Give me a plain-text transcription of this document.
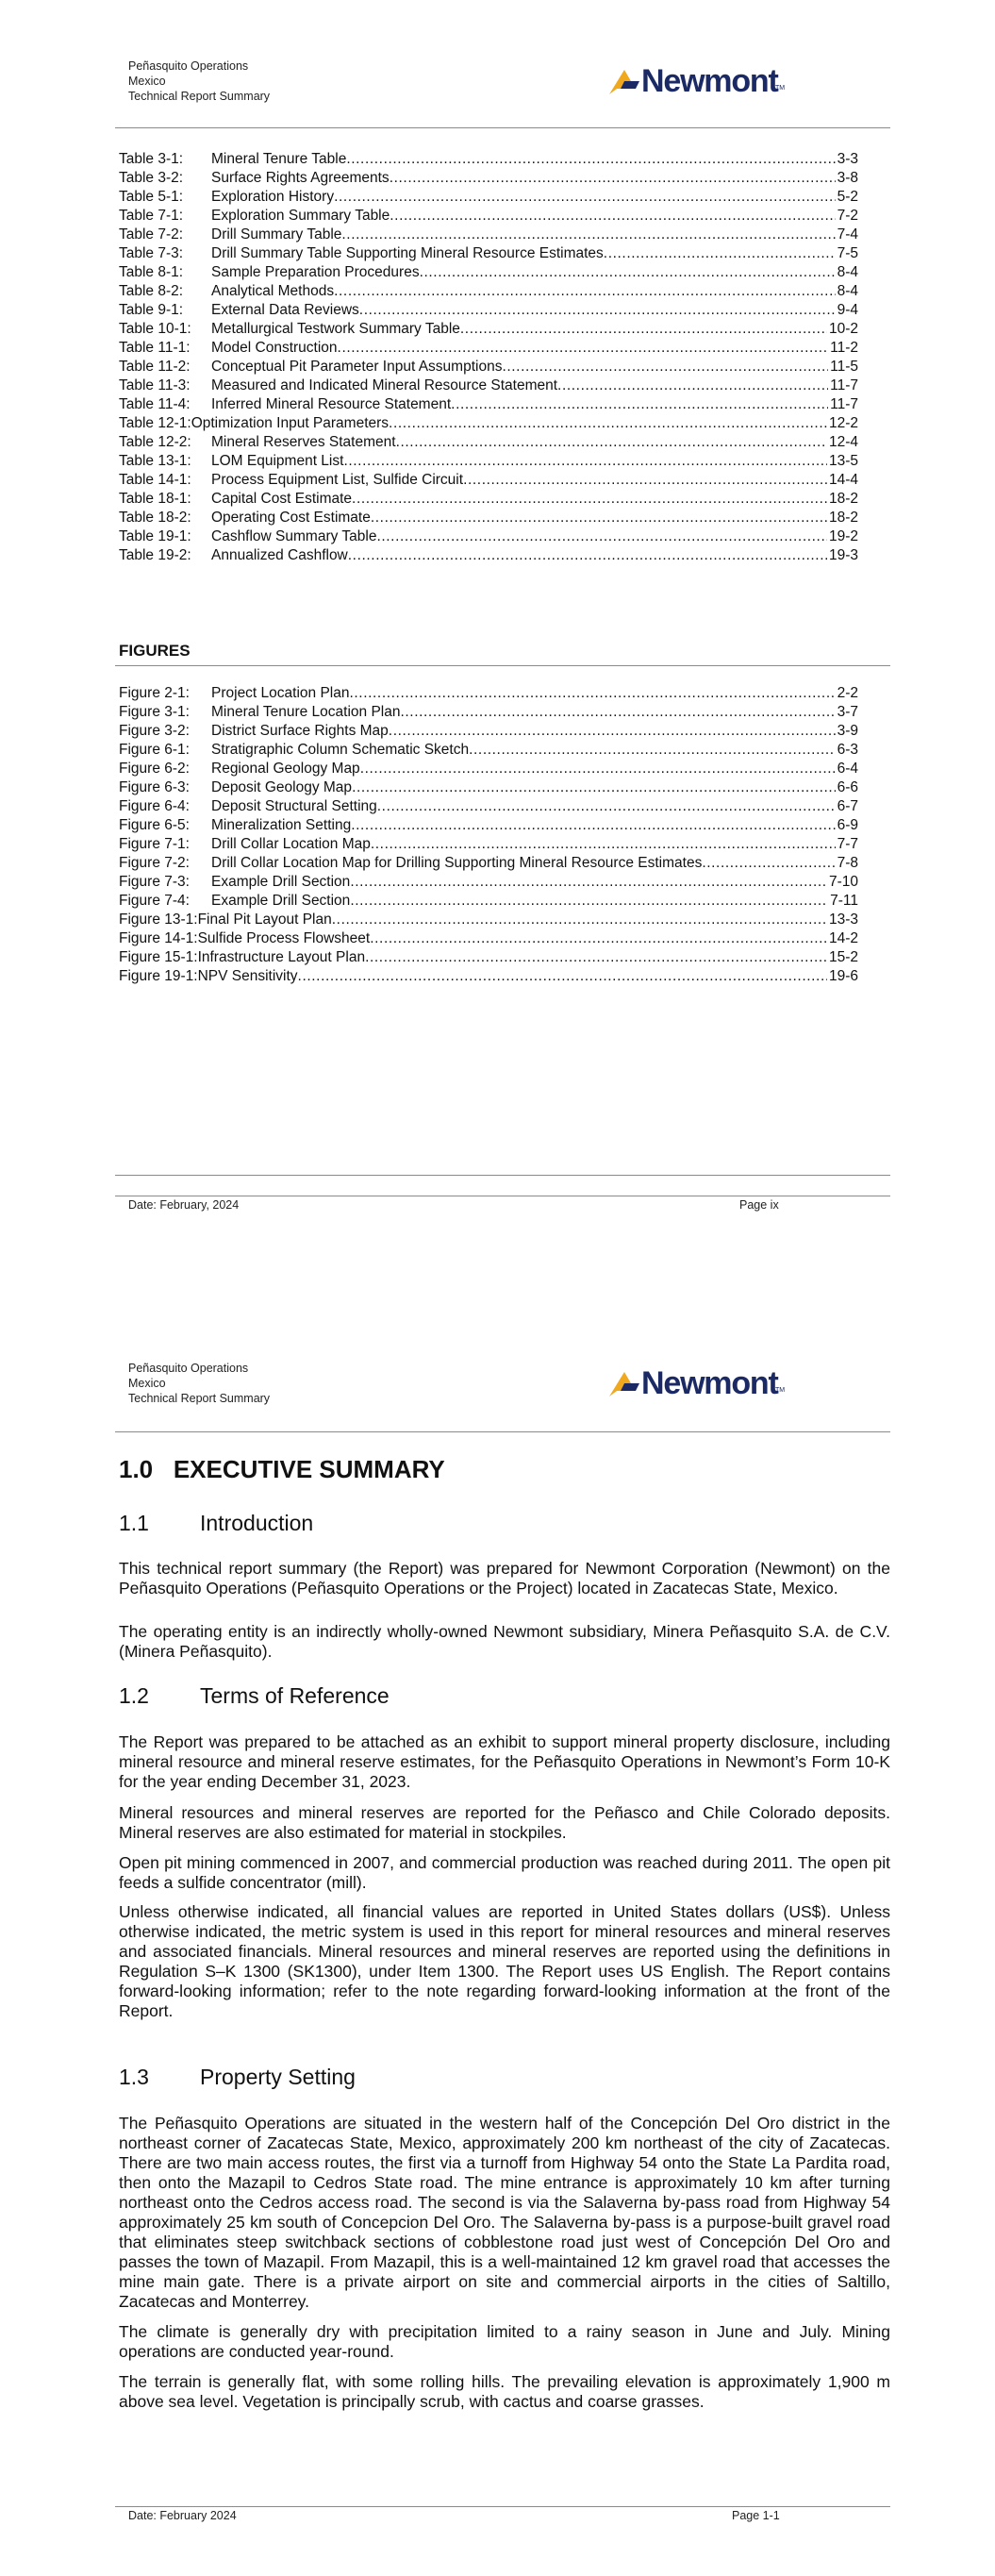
Peñasquito Operations
Mexico
Technical Report Summary	Newmont
TM
Table 3-1:	Mineral Tenure Table .....	3-3
Table 3-2:	Surface Rights Agreements .....	3-8
Table 5-1:	Exploration History .....	5-2
Table 7-1:	Exploration Summary Table .....	7-2
Table 7-2:	Drill Summary Table .....	7-4
Table 7-3:	Drill Summary Table Supporting Mineral Resource Estimates .....	7-5
Table 8-1:	Sample Preparation Procedures .....	8-4
Table 8-2:	Analytical Methods .....	8-4
Table 9-1:	External Data Reviews .....	9-4
Table 10-1:	Metallurgical Testwork Summary Table .....	10-2
Table 11-1:	Model Construction .....	11-2
Table 11-2:	Conceptual Pit Parameter Input Assumptions .....	11-5
Table 11-3:	Measured and Indicated Mineral Resource Statement .....	11-7
Table 11-4:	Inferred Mineral Resource Statement .....	11-7
Table 12-1: Optimization Input Parameters .....	12-2
Table 12-2:	Mineral Reserves Statement .....	12-4
Table 13-1:	LOM Equipment List .....	13-5
Table 14-1:	Process Equipment List, Sulfide Circuit .....	14-4
Table 18-1:	Capital Cost Estimate .....	18-2
Table 18-2:	Operating Cost Estimate .....	18-2
Table 19-1:	Cashflow Summary Table .....	19-2
Table 19-2:	Annualized Cashflow .....	19-3
FIGURES
Figure 2-1:	Project Location Plan .....	2-2
Figure 3-1:	Mineral Tenure Location Plan .....	3-7
Figure 3-2:	District Surface Rights Map .....	3-9
Figure 6-1:	Stratigraphic Column Schematic Sketch .....	6-3
Figure 6-2:	Regional Geology Map .....	6-4
Figure 6-3:	Deposit Geology Map .....	6-6
Figure 6-4:	Deposit Structural Setting .....	6-7
Figure 6-5:	Mineralization Setting .....	6-9
Figure 7-1:	Drill Collar Location Map .....	7-7
Figure 7-2:	Drill Collar Location Map for Drilling Supporting Mineral Resource Estimates .....	7-8
Figure 7-3:	Example Drill Section .....	7-10
Figure 7-4:	Example Drill Section .....	7-11
Figure 13-1: Final Pit Layout Plan .....	13-3
Figure 14-1: Sulfide Process Flowsheet .....	14-2
Figure 15-1: Infrastructure Layout Plan .....	15-2
Figure 19-1: NPV Sensitivity .....	19-6
Date: February, 2024	Page ix
Peñasquito Operations
Mexico
Technical Report Summary	Newmont
TM
1.0   EXECUTIVE SUMMARY
1.1	Introduction

This technical report summary (the Report) was prepared for Newmont Corporation (Newmont) on the Peñasquito Operations (Peñasquito Operations or the Project) located in Zacatecas State, Mexico.

The operating entity is an indirectly wholly-owned Newmont subsidiary, Minera Peñasquito S.A. de C.V. (Minera Peñasquito).

1.2	Terms of Reference

The Report was prepared to be attached as an exhibit to support mineral property disclosure, including mineral resource and mineral reserve estimates, for the Peñasquito Operations in Newmont’s Form 10-K for the year ending December 31, 2023.

Mineral resources and mineral reserves are reported for the Peñasco and Chile Colorado deposits. Mineral reserves are also estimated for material in stockpiles.

Open pit mining commenced in 2007, and commercial production was reached during 2011. The open pit feeds a sulfide concentrator (mill).

Unless otherwise indicated, all financial values are reported in United States dollars (US$). Unless otherwise indicated, the metric system is used in this report for mineral resources and mineral reserves and associated financials. Mineral resources and mineral reserves are reported using the definitions in Regulation S–K 1300 (SK1300), under Item 1300. The Report uses US English. The Report contains forward-looking information; refer to the note regarding forward-looking information at the front of the Report.

1.3	Property Setting

The Peñasquito Operations are situated in the western half of the Concepción Del Oro district in the northeast corner of Zacatecas State, Mexico, approximately 200 km northeast of the city of Zacatecas. There are two main access routes, the first via a turnoff from Highway 54 onto the State La Pardita road, then onto the Mazapil to Cedros State road. The mine entrance is approximately 10 km after turning northeast onto the Cedros access road. The second is via the Salaverna by-pass road from Highway 54 approximately 25 km south of Concepcion Del Oro. The Salaverna by-pass is a purpose-built gravel road that eliminates steep switchback sections of cobblestone road just west of Concepción Del Oro and passes the town of Mazapil. From Mazapil, this is a well-maintained 12 km gravel road that accesses the mine main gate. There is a private airport on site and commercial airports in the cities of Saltillo, Zacatecas and Monterrey.

The climate is generally dry with precipitation limited to a rainy season in June and July. Mining operations are conducted year-round.

The terrain is generally flat, with some rolling hills. The prevailing elevation is approximately 1,900 m above sea level. Vegetation is principally scrub, with cactus and coarse grasses.

Date: February 2024	Page 1-1
